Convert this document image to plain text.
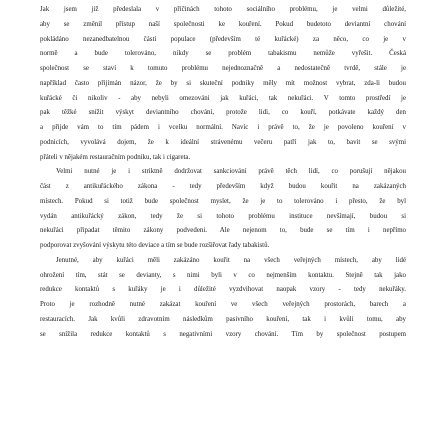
Jak jsem již předeslala v příčinách tohoto sociálního problému, je velmi důležité,
aby se změnil přístup naší společnosti ke kouření. Pokud budetoto deviantní chování
pokládáno nezanedbatelnou částí populace (především té kuřácké) za něco, co je v
normě a bude tolerováno, nikdy se problém tabakismu nemůže vyřešit. Česká
společnost se staví k tomuto problému nejednoznačně a nedostatečně tvrdě, stále je
například často přijímán názor, že by si skuteční podniky měly mít možnost vybrat, zda-li budou
kuřácké či nikoliv - aby nebyli omezováni jak kuřáci, tak nekuřáci. V tomto prostředí je
pak těžké snížit výskyt deviantního chování, protože lidi, co kouří, potkávate každý den
a přijde vám to tím pádem i vcelku normální. Navíc i právě to, že je povoleno kouření v
podnicích, vyvolává dojem, že k ideální strávenému večeru patří jak to, bavit se svými
přáteli v nějakém restauračním podniku, tak i cigareta.
Velmi nutné je i striktně dodržovat sankciování právě těch lidí, co porušují nějakou
část z antikuřáckého zákona - tedy především když budou kouřit na zakázaných
místech. Pokud si totiž bude společnost myslet, že je to tolerováno i přesto, že byl
vydán antikuřácký zákon, tedy že si tohoto problému instituce nevšímají, budou si
nekuřáci připadat těmito zákony podvedeni. Ale nejenom to, bude se tím i nepřímo
podporovat zvyšování výskytu této deviace a tím se bude rozšiřovat řady tabakistů.
Jenutné, aby kuřáci měli zakázáno kouřit na všech veřejných místech, aby lidé
ohrožení tím, stát se devianty, s nimi byli v co nejmenším kontaktu. Stejně tak jako
redukce kontaktů s kuřáky je i důležité vyzdvihovat naopak vzory - tedy nekuřáky.
Proto je rozhodně nutné zakázat kouření ve všech veřejných prostorách, barech a
restauracích. Jak kvůli zdravotním následkům pasivního kouření, tak i kvůli tomu, aby
se snížila redukce kontaktů s negativními vzory chování. Tím by společnost postupem
